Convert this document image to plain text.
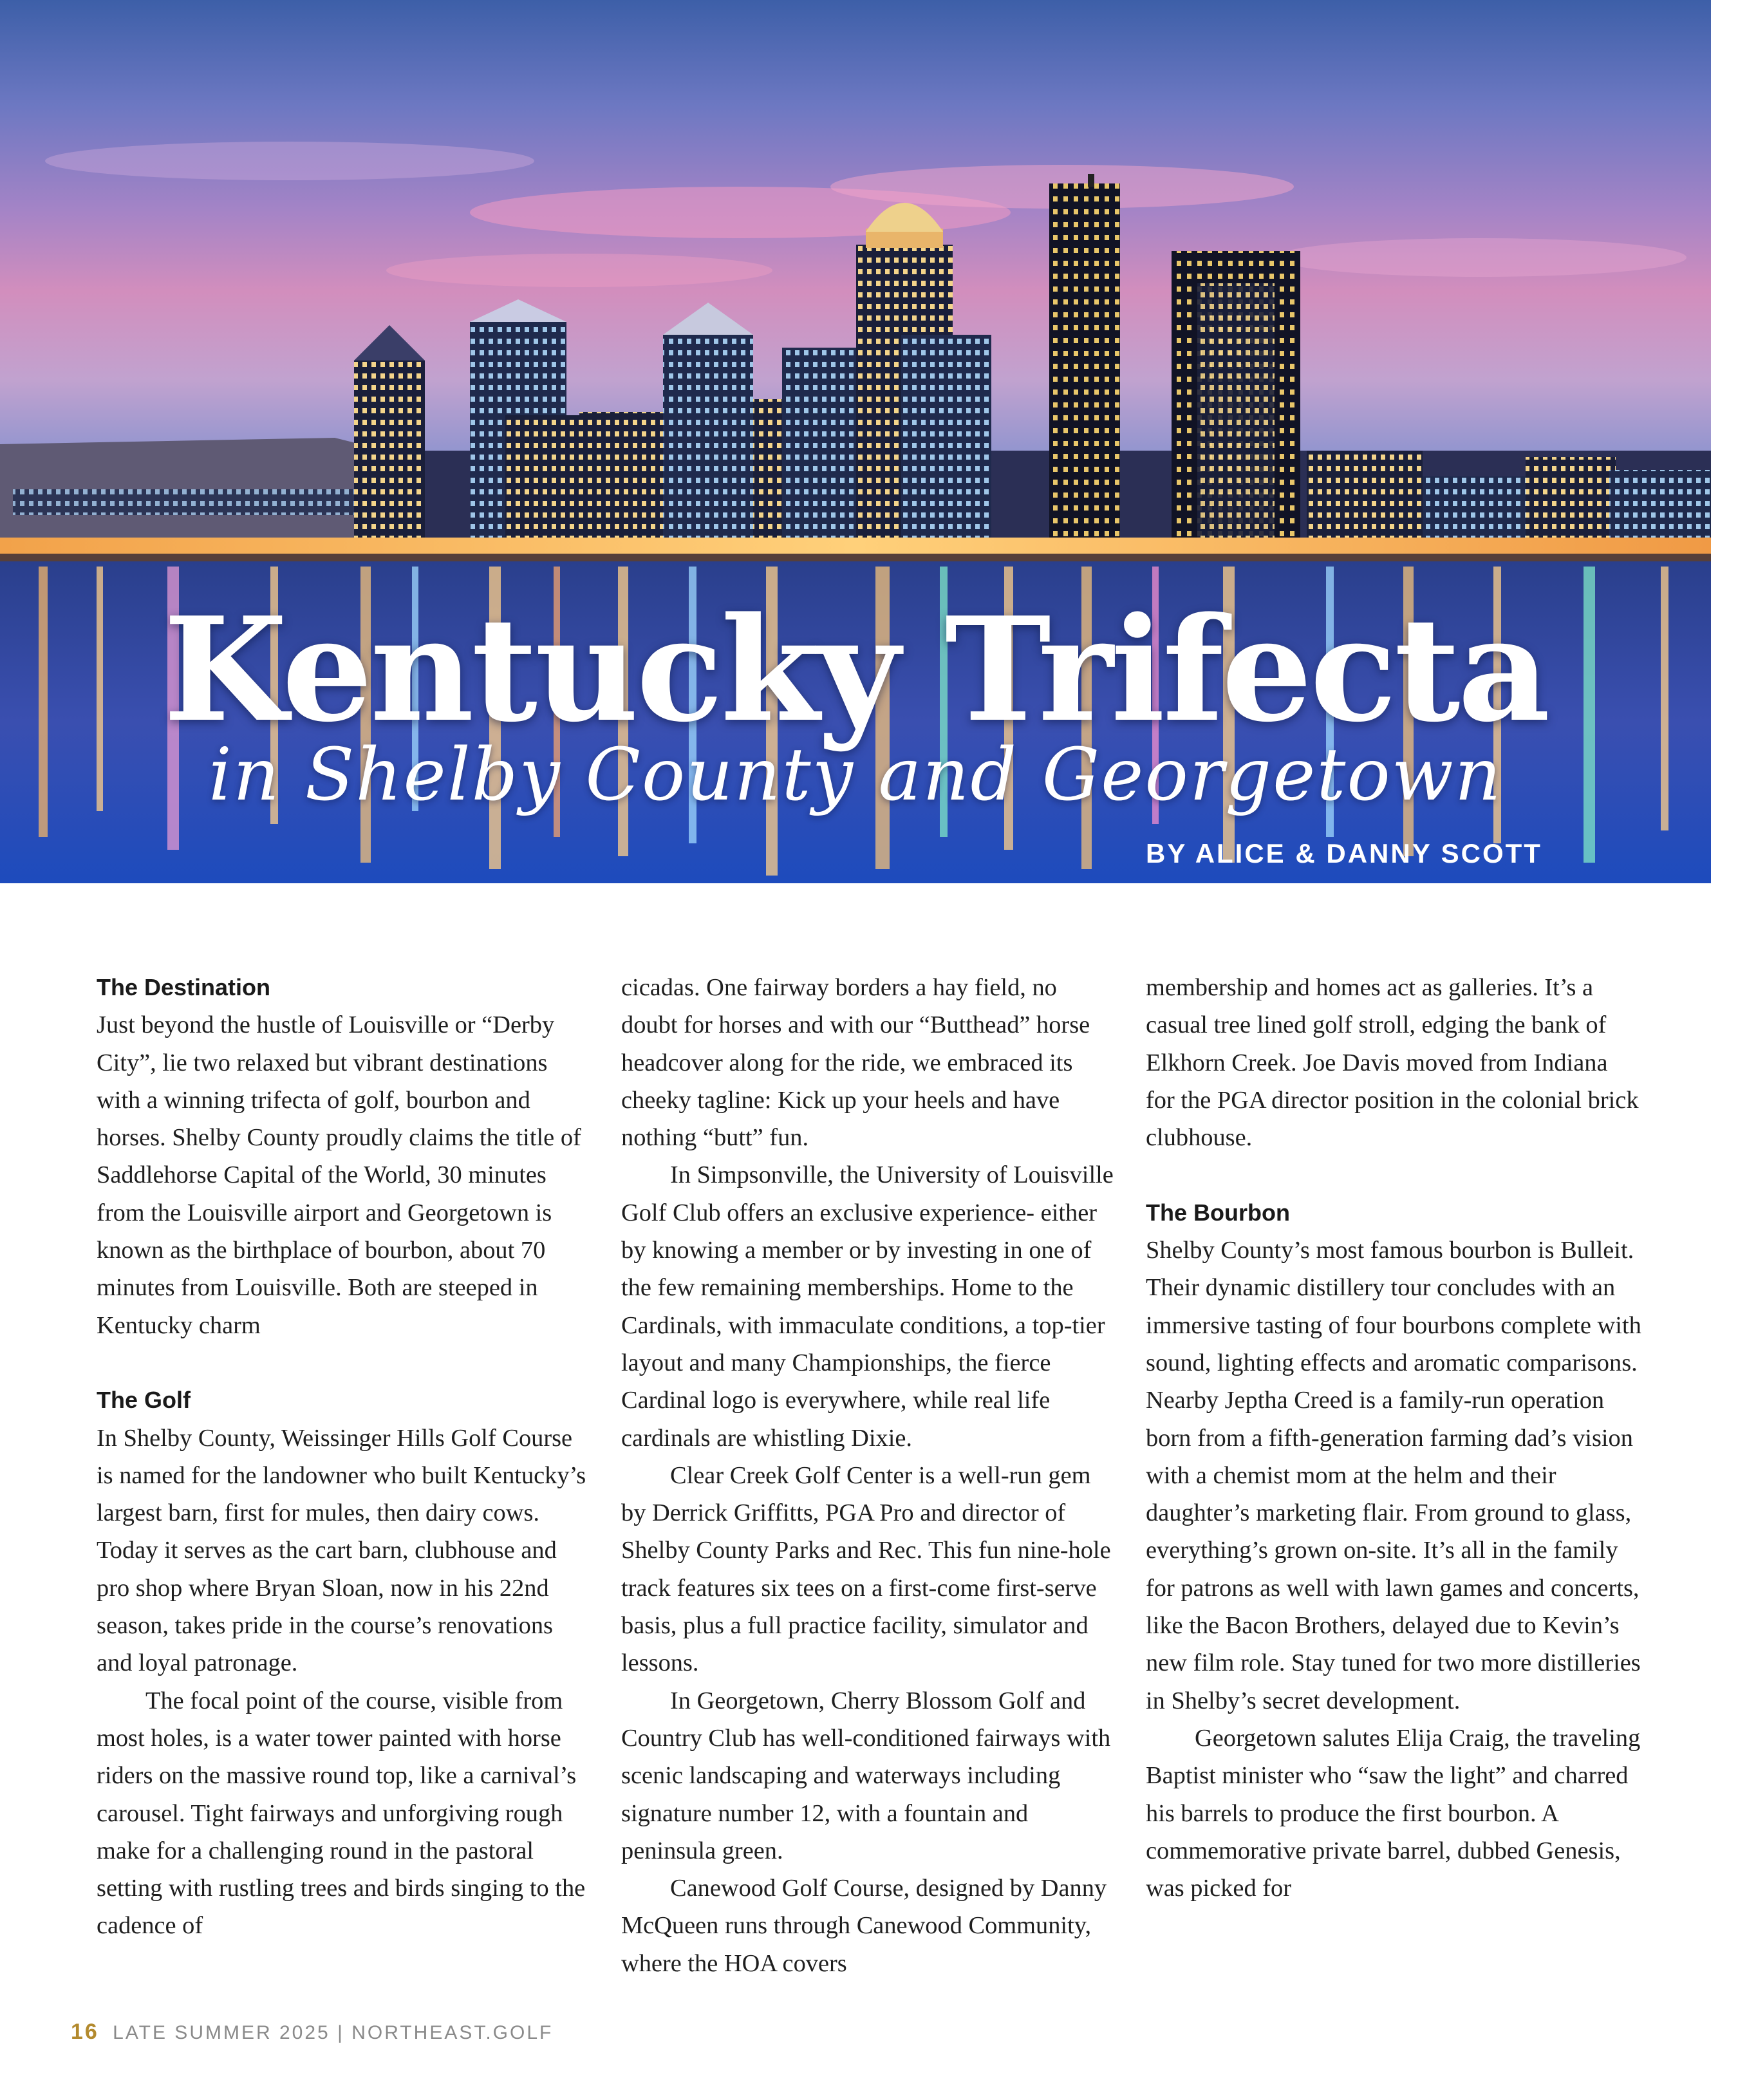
Kentucky Trifecta
in Shelby County and Georgetown
BY ALICE & DANNY SCOTT

The Destination

Just beyond the hustle of Louisville or “Derby City”, lie two relaxed but vibrant destinations with a winning trifecta of golf, bourbon and horses. Shelby County proudly claims the title of Saddlehorse Capital of the World, 30 minutes from the Louisville airport and Georgetown is known as the birthplace of bourbon, about 70 minutes from Louisville. Both are steeped in Kentucky charm

The Golf

In Shelby County, Weissinger Hills Golf Course is named for the landowner who built Kentucky’s largest barn, first for mules, then dairy cows. Today it serves as the cart barn, clubhouse and pro shop where Bryan Sloan, now in his 22nd season, takes pride in the course’s renovations and loyal patronage.

The focal point of the course, visible from most holes, is a water tower painted with horse riders on the massive round top, like a carnival’s carousel. Tight fairways and unforgiving rough make for a challenging round in the pastoral setting with rustling trees and birds singing to the cadence of

cicadas. One fairway borders a hay field, no doubt for horses and with our “Butthead” horse headcover along for the ride, we embraced its cheeky tagline: Kick up your heels and have nothing “butt” fun.

In Simpsonville, the University of Louisville Golf Club offers an exclusive experience- either by knowing a member or by investing in one of the few remaining memberships. Home to the Cardinals, with immaculate conditions, a top-tier layout and many Championships, the fierce Cardinal logo is everywhere, while real life cardinals are whistling Dixie.

Clear Creek Golf Center is a well-run gem by Derrick Griffitts, PGA Pro and director of Shelby County Parks and Rec. This fun nine-hole track features six tees on a first-come first-serve basis, plus a full practice facility, simulator and lessons.

In Georgetown, Cherry Blossom Golf and Country Club has well-conditioned fairways with scenic landscaping and waterways including signature number 12, with a fountain and peninsula green.

Canewood Golf Course, designed by Danny McQueen runs through Canewood Community, where the HOA covers

membership and homes act as galleries. It’s a casual tree lined golf stroll, edging the bank of Elkhorn Creek. Joe Davis moved from Indiana for the PGA director position in the colonial brick clubhouse.

The Bourbon

Shelby County’s most famous bourbon is Bulleit. Their dynamic distillery tour concludes with an immersive tasting of four bourbons complete with sound, lighting effects and aromatic comparisons. Nearby Jeptha Creed is a family-run operation born from a fifth-generation farming dad’s vision with a chemist mom at the helm and their daughter’s marketing flair. From ground to glass, everything’s grown on-site. It’s all in the family for patrons as well with lawn games and concerts, like the Bacon Brothers, delayed due to Kevin’s new film role. Stay tuned for two more distilleries in Shelby’s secret development.

Georgetown salutes Elija Craig, the traveling Baptist minister who “saw the light” and charred his barrels to produce the first bourbon. A commemorative private barrel, dubbed Genesis, was picked for

16 LATE SUMMER 2025 | NORTHEAST.GOLF
